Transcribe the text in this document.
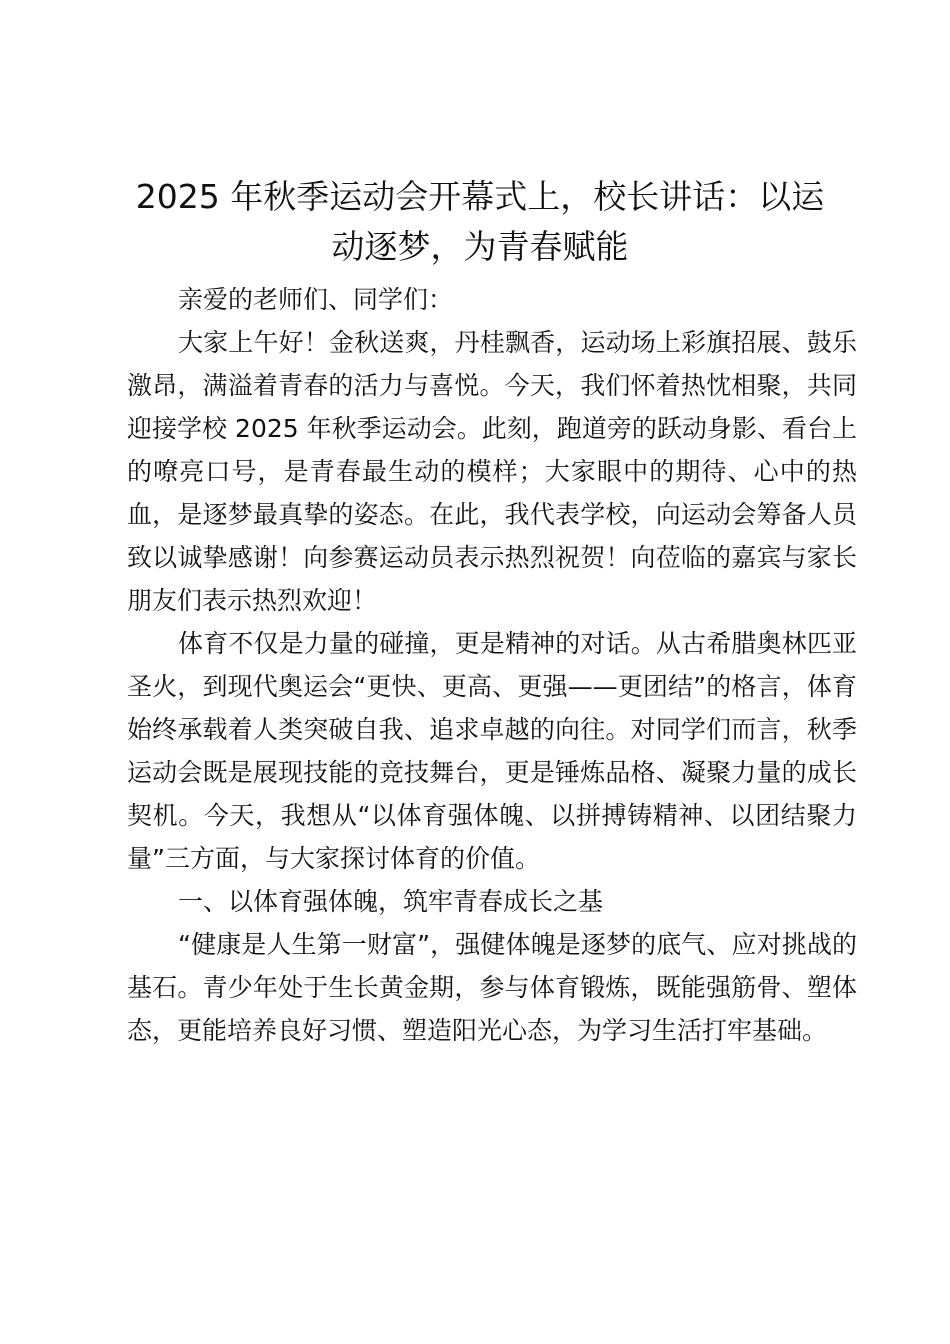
2025 年秋季运动会开幕式上，校长讲话：以运动逐梦，为青春赋能

亲爱的老师们、同学们：

大家上午好！金秋送爽，丹桂飘香，运动场上彩旗招展、鼓乐激昂，满溢着青春的活力与喜悦。今天，我们怀着热忱相聚，共同迎接学校 2025 年秋季运动会。此刻，跑道旁的跃动身影、看台上的嘹亮口号，是青春最生动的模样；大家眼中的期待、心中的热血，是逐梦最真挚的姿态。在此，我代表学校，向运动会筹备人员致以诚挚感谢！向参赛运动员表示热烈祝贺！向莅临的嘉宾与家长朋友们表示热烈欢迎！

体育不仅是力量的碰撞，更是精神的对话。从古希腊奥林匹亚圣火，到现代奥运会“更快、更高、更强——更团结”的格言，体育始终承载着人类突破自我、追求卓越的向往。对同学们而言，秋季运动会既是展现技能的竞技舞台，更是锤炼品格、凝聚力量的成长契机。今天，我想从“以体育强体魄、以拼搏铸精神、以团结聚力量”三方面，与大家探讨体育的价值。

一、以体育强体魄，筑牢青春成长之基

“健康是人生第一财富”，强健体魄是逐梦的底气、应对挑战的基石。青少年处于生长黄金期，参与体育锻炼，既能强筋骨、塑体态，更能培养良好习惯、塑造阳光心态，为学习生活打牢基础。
